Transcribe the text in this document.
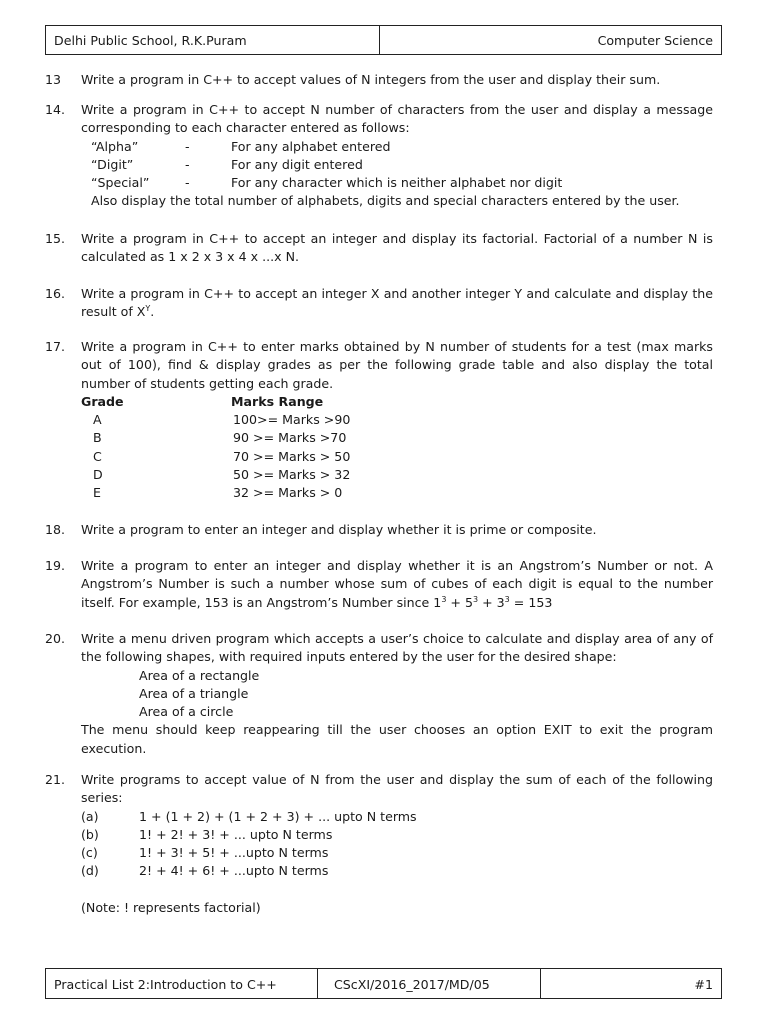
Delhi Public School, R.K.Puram	Computer Science
13 Write a program in C++ to accept values of N integers from the user and display their sum.
14. Write a program in C++ to accept N number of characters from the user and display a message corresponding to each character entered as follows:
“Alpha”	-	For any alphabet entered
“Digit”	-	For any digit entered
“Special”	-	For any character which is neither alphabet nor digit
Also display the total number of alphabets, digits and special characters entered by the user.
15. Write a program in C++ to accept an integer and display its factorial. Factorial of a number N is calculated as 1 x 2 x 3 x 4 x ...x N.
16. Write a program in C++ to accept an integer X and another integer Y and calculate and display the result of $X^Y$.
17. Write a program in C++ to enter marks obtained by N number of students for a test (max marks out of 100), find & display grades as per the following grade table and also display the total number of students getting each grade.
Grade	Marks Range
A	100>= Marks >90
B	90 >= Marks >70
C	70 >= Marks > 50
D	50 >= Marks > 32
E	32 >= Marks > 0
18. Write a program to enter an integer and display whether it is prime or composite.
19. Write a program to enter an integer and display whether it is an Angstrom’s Number or not. A Angstrom’s Number is such a number whose sum of cubes of each digit is equal to the number itself. For example, 153 is an Angstrom’s Number since $1^3 + 5^3 + 3^3 = 153$
20. Write a menu driven program which accepts a user’s choice to calculate and display area of any of the following shapes, with required inputs entered by the user for the desired shape:
Area of a rectangle
Area of a triangle
Area of a circle
The menu should keep reappearing till the user chooses an option EXIT to exit the program execution.
21. Write programs to accept value of N from the user and display the sum of each of the following series:
(a)	1 + (1 + 2) + (1 + 2 + 3) + ... upto N terms
(b)	1! + 2! + 3! + ... upto N terms
(c)	1! + 3! + 5! + ...upto N terms
(d)	2! + 4! + 6! + ...upto N terms
(Note: ! represents factorial)
Practical List 2:Introduction to C++	CScXI/2016_2017/MD/05	#1
